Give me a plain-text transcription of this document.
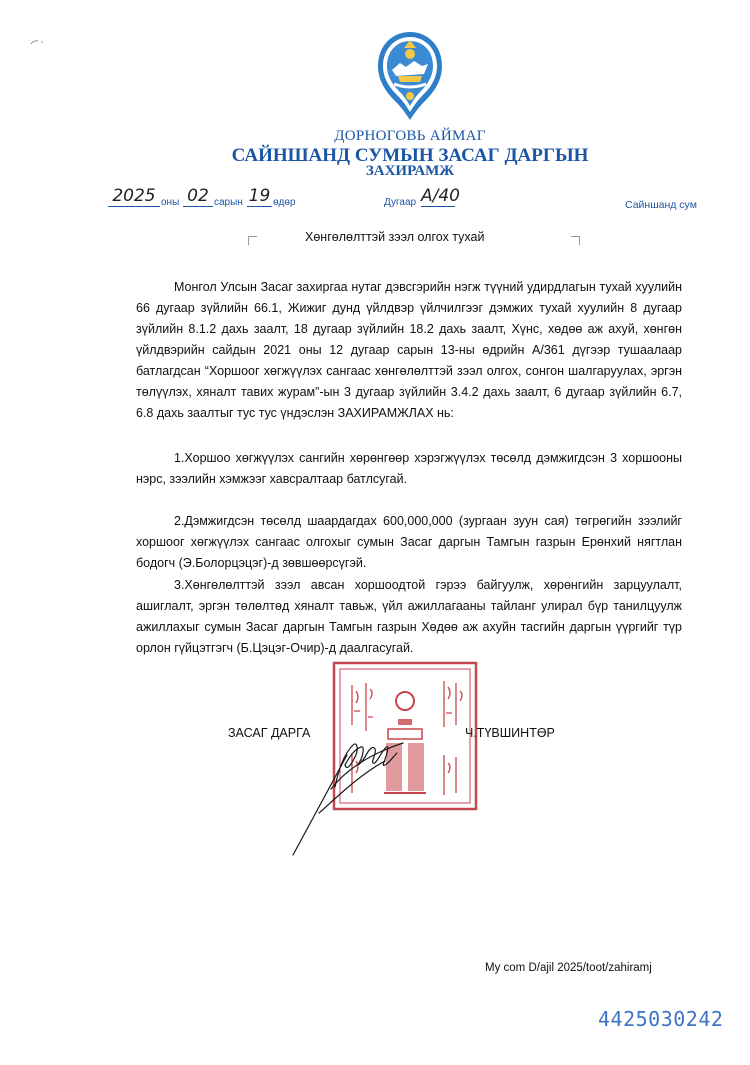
ДОРНОГОВЬ АЙМАГ
САЙНШАНД СУМЫН ЗАСАГ ДАРГЫН
ЗАХИРАМЖ
2025 оны 02 сарын 19 өдөр	Дугаар А/40	Сайншанд сум
Хөнгөлөлттэй зээл олгох тухай

Монгол Улсын Засаг захиргаа нутаг дэвсгэрийн нэгж түүний удирдлагын тухай хуулийн 66 дугаар зүйлийн 66.1, Жижиг дунд үйлдвэр үйлчилгээг дэмжих тухай хуулийн 8 дугаар зүйлийн 8.1.2 дахь заалт, 18 дугаар зүйлийн 18.2 дахь заалт, Хүнс, хөдөө аж ахуй, хөнгөн үйлдвэрийн сайдын 2021 оны 12 дугаар сарын 13-ны өдрийн А/361 дүгээр тушаалаар батлагдсан “Хоршоог хөгжүүлэх сангаас хөнгөлөлттэй зээл олгох, сонгон шалгаруулах, эргэн төлүүлэх, хяналт тавих журам”-ын 3 дугаар зүйлийн 3.4.2 дахь заалт, 6 дугаар зүйлийн 6.7, 6.8 дахь заалтыг тус тус үндэслэн ЗАХИРАМЖЛАХ нь:

1.Хоршоо хөгжүүлэх сангийн хөрөнгөөр хэрэгжүүлэх төсөлд дэмжигдсэн 3 хоршооны нэрс, зээлийн хэмжээг хавсралтаар батлсугай.

2.Дэмжигдсэн төсөлд шаардагдах 600,000,000 (зургаан зуун сая) төгрөгийн зээлийг хоршоог хөгжүүлэх сангаас олгохыг сумын Засаг даргын Тамгын газрын Ерөнхий нягтлан бодогч (Э.Болорцэцэг)-д зөвшөөрсүгэй.

3.Хөнгөлөлттэй зээл авсан хоршоодтой гэрээ байгуулж, хөрөнгийн зарцуулалт, ашиглалт, эргэн төлөлтөд хяналт тавьж, үйл ажиллагааны тайланг улирал бүр танилцуулж ажиллахыг сумын Засаг даргын Тамгын газрын Хөдөө аж ахуйн тасгийн даргын үүргийг түр орлон гүйцэтгэгч (Б.Цэцэг-Очир)-д даалгасугай.

ЗАСАГ ДАРГА	Ч.ТҮВШИНТӨР
My com D/ajil 2025/toot/zahiramj
4425030242
